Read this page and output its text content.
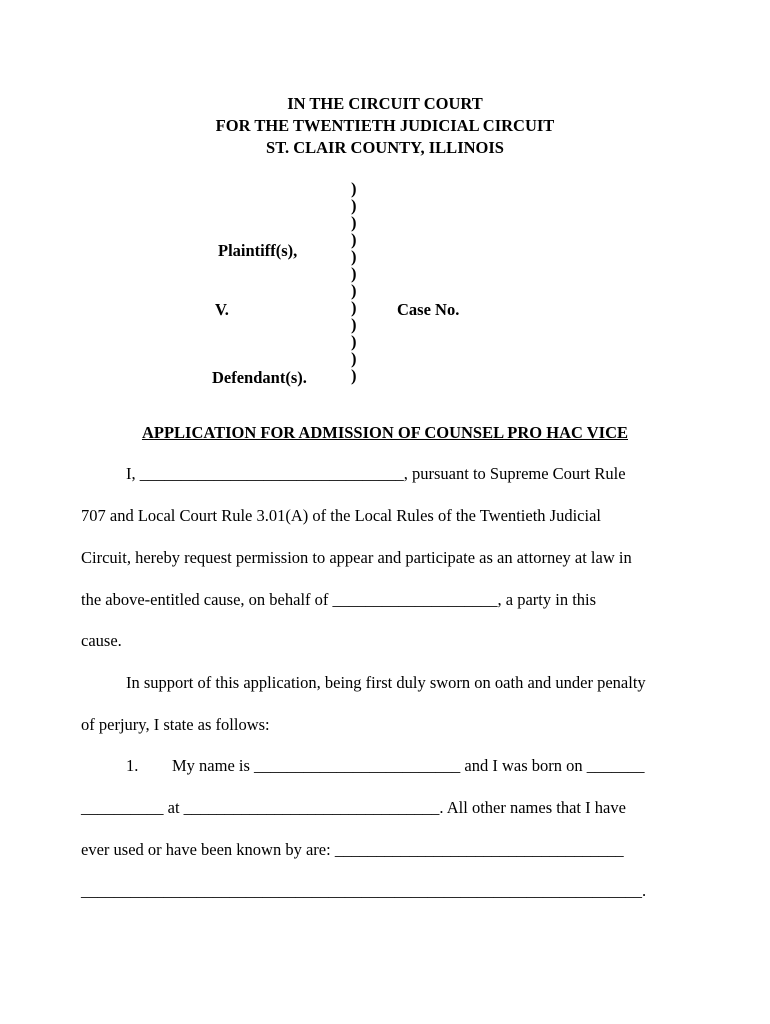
IN THE CIRCUIT COURT
FOR THE TWENTIETH JUDICIAL CIRCUIT
ST. CLAIR COUNTY, ILLINOIS
)
)
)
)
)
)
)
)
)
)
)
)
Plaintiff(s),
V.	Case No.
Defendant(s).
APPLICATION FOR ADMISSION OF COUNSEL PRO HAC VICE
I, ________________________________, pursuant to Supreme Court Rule
707 and Local Court Rule 3.01(A) of the Local Rules of the Twentieth Judicial
Circuit, hereby request permission to appear and participate as an attorney at law in
the above-entitled cause, on behalf of ____________________, a party in this
cause.
In support of this application, being first duly sworn on oath and under penalty
of perjury, I state as follows:
1. My name is _________________________ and I was born on _______
__________ at _______________________________. All other names that I have
ever used or have been known by are: ___________________________________
____________________________________________________________________.
